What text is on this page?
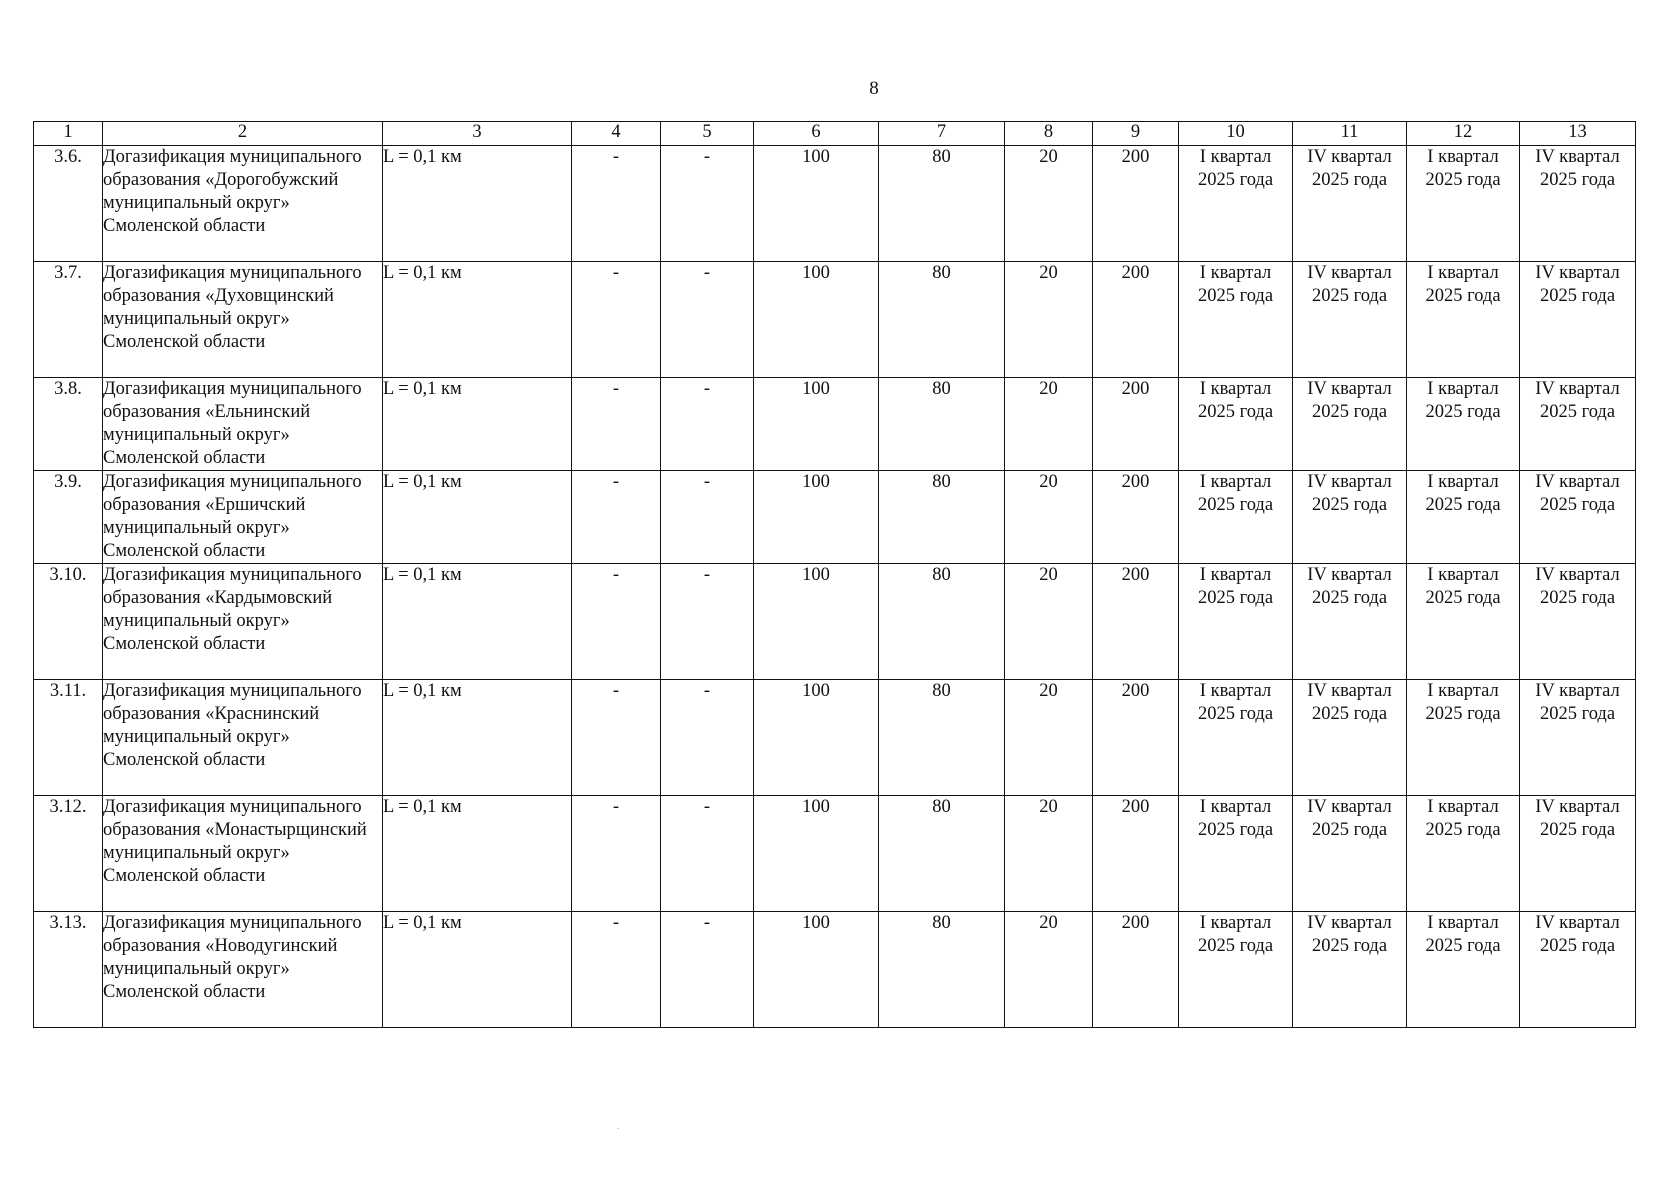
8
1	2	3	4	5	6	7	8	9	10	11	12	13
3.6.	Догазификация муниципального образования «Дорогобужский муниципальный округ» Смоленской области	L = 0,1 км	-	-	100	80	20	200	I квартал 2025 года	IV квартал 2025 года	I квартал 2025 года	IV квартал 2025 года
3.7.	Догазификация муниципального образования «Духовщинский муниципальный округ» Смоленской области	L = 0,1 км	-	-	100	80	20	200	I квартал 2025 года	IV квартал 2025 года	I квартал 2025 года	IV квартал 2025 года
3.8.	Догазификация муниципального образования «Ельнинский муниципальный округ» Смоленской области	L = 0,1 км	-	-	100	80	20	200	I квартал 2025 года	IV квартал 2025 года	I квартал 2025 года	IV квартал 2025 года
3.9.	Догазификация муниципального образования «Ершичский муниципальный округ» Смоленской области	L = 0,1 км	-	-	100	80	20	200	I квартал 2025 года	IV квартал 2025 года	I квартал 2025 года	IV квартал 2025 года
3.10.	Догазификация муниципального образования «Кардымовский муниципальный округ» Смоленской области	L = 0,1 км	-	-	100	80	20	200	I квартал 2025 года	IV квартал 2025 года	I квартал 2025 года	IV квартал 2025 года
3.11.	Догазификация муниципального образования «Краснинский муниципальный округ» Смоленской области	L = 0,1 км	-	-	100	80	20	200	I квартал 2025 года	IV квартал 2025 года	I квартал 2025 года	IV квартал 2025 года
3.12.	Догазификация муниципального образования «Монастырщинский муниципальный округ» Смоленской области	L = 0,1 км	-	-	100	80	20	200	I квартал 2025 года	IV квартал 2025 года	I квартал 2025 года	IV квартал 2025 года
3.13.	Догазификация муниципального образования «Новодугинский муниципальный округ» Смоленской области	L = 0,1 км	-	-	100	80	20	200	I квартал 2025 года	IV квартал 2025 года	I квартал 2025 года	IV квартал 2025 года
